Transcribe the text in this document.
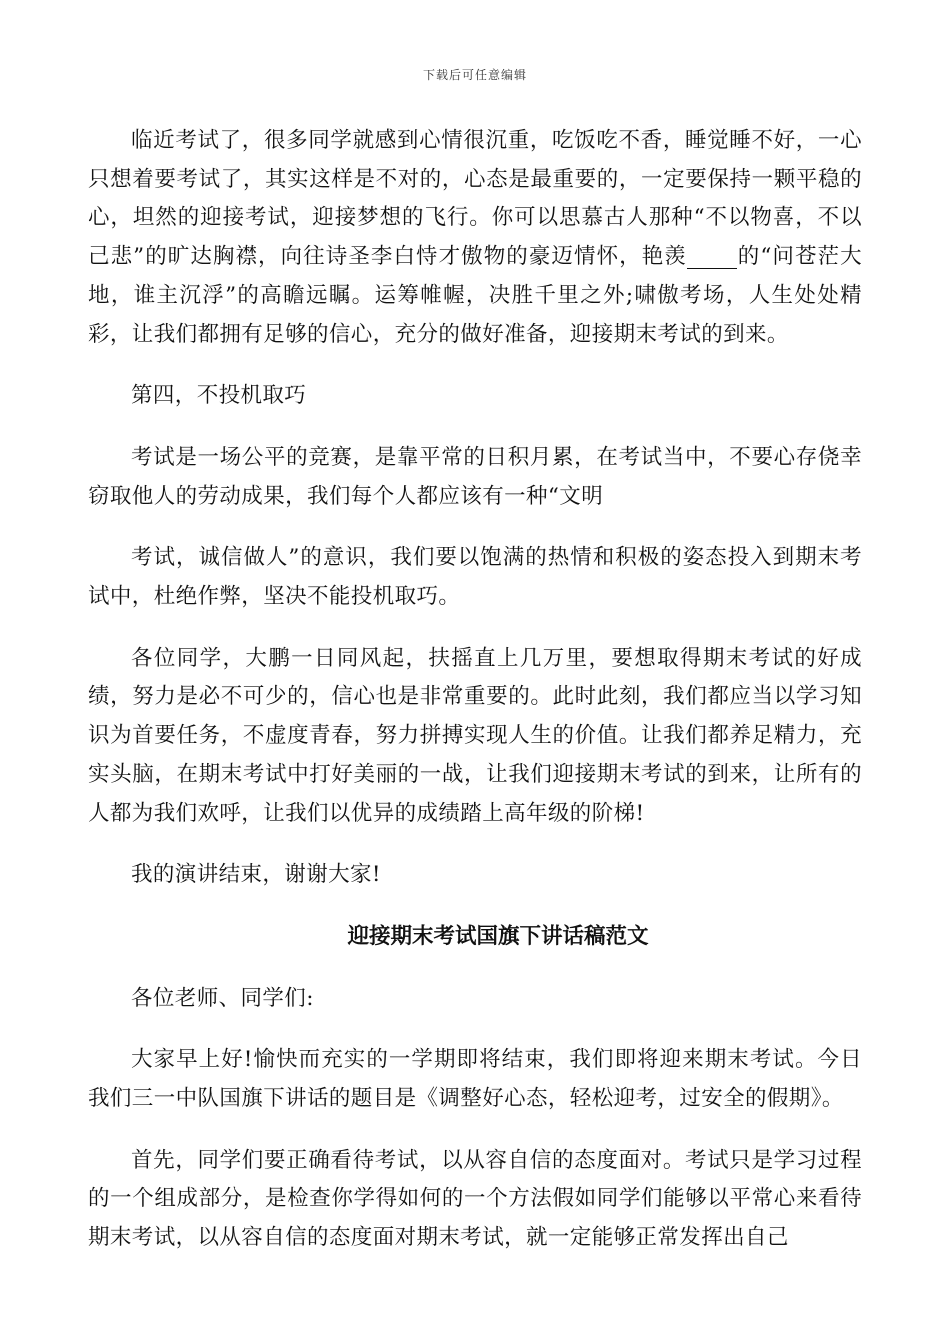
下载后可任意编辑

临近考试了，很多同学就感到心情很沉重，吃饭吃不香，睡觉睡不好，一心只想着要考试了，其实这样是不对的，心态是最重要的，一定要保持一颗平稳的心，坦然的迎接考试，迎接梦想的飞行。你可以思慕古人那种“不以物喜，不以己悲”的旷达胸襟，向往诗圣李白恃才傲物的豪迈情怀，艳羡 的“问苍茫大地，谁主沉浮”的高瞻远瞩。运筹帷幄，决胜千里之外;啸傲考场，人生处处精彩，让我们都拥有足够的信心，充分的做好准备，迎接期末考试的到来。

第四，不投机取巧

考试是一场公平的竞赛，是靠平常的日积月累，在考试当中，不要心存侥幸窃取他人的劳动成果，我们每个人都应该有一种“文明

考试，诚信做人”的意识，我们要以饱满的热情和积极的姿态投入到期末考试中，杜绝作弊，坚决不能投机取巧。

各位同学，大鹏一日同风起，扶摇直上几万里，要想取得期末考试的好成绩，努力是必不可少的，信心也是非常重要的。此时此刻，我们都应当以学习知识为首要任务，不虚度青春，努力拼搏实现人生的价值。让我们都养足精力，充实头脑，在期末考试中打好美丽的一战，让我们迎接期末考试的到来，让所有的人都为我们欢呼，让我们以优异的成绩踏上高年级的阶梯!

我的演讲结束，谢谢大家!

迎接期末考试国旗下讲话稿范文

各位老师、同学们:

大家早上好!愉快而充实的一学期即将结束，我们即将迎来期末考试。今日我们三一中队国旗下讲话的题目是《调整好心态，轻松迎考，过安全的假期》。

首先，同学们要正确看待考试，以从容自信的态度面对。考试只是学习过程的一个组成部分，是检查你学得如何的一个方法假如同学们能够以平常心来看待期末考试，以从容自信的态度面对期末考试，就一定能够正常发挥出自己
